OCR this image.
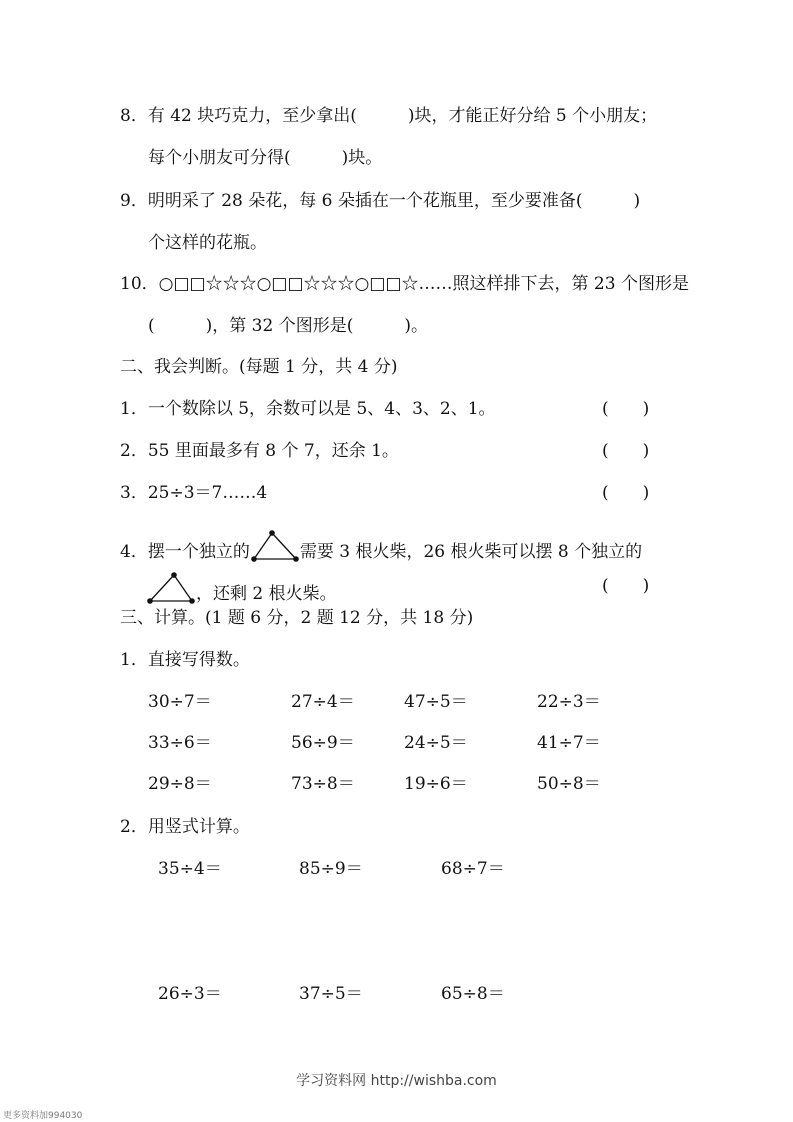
8．有 42 块巧克力，至少拿出(　　　)块，才能正好分给 5 个小朋友；
每个小朋友可分得(　　　)块。
9．明明采了 28 朵花，每 6 朵插在一个花瓶里，至少要准备(　　　)
个这样的花瓶。
10．○□□☆☆☆○□□☆☆☆○□□☆……照这样排下去，第 23 个图形是
(　　　)，第 32 个图形是(　　　)。
二、我会判断。(每题 1 分，共 4 分)
1．一个数除以 5，余数可以是 5、4、3、2、1。	(　　)
2．55 里面最多有 8 个 7，还余 1。	(　　)
3．25÷3＝7……4	(　　)
4．摆一个独立的	需要 3 根火柴，26 根火柴可以摆 8 个独立的
，还剩 2 根火柴。	(　　)
三、计算。(1 题 6 分，2 题 12 分，共 18 分)
1．直接写得数。
30÷7＝	27÷4＝	47÷5＝	22÷3＝
33÷6＝	56÷9＝	24÷5＝	41÷7＝
29÷8＝	73÷8＝	19÷6＝	50÷8＝
2．用竖式计算。
35÷4＝	85÷9＝	68÷7＝
26÷3＝	37÷5＝	65÷8＝
学习资料网 http://wishba.com
更多资料加994030
